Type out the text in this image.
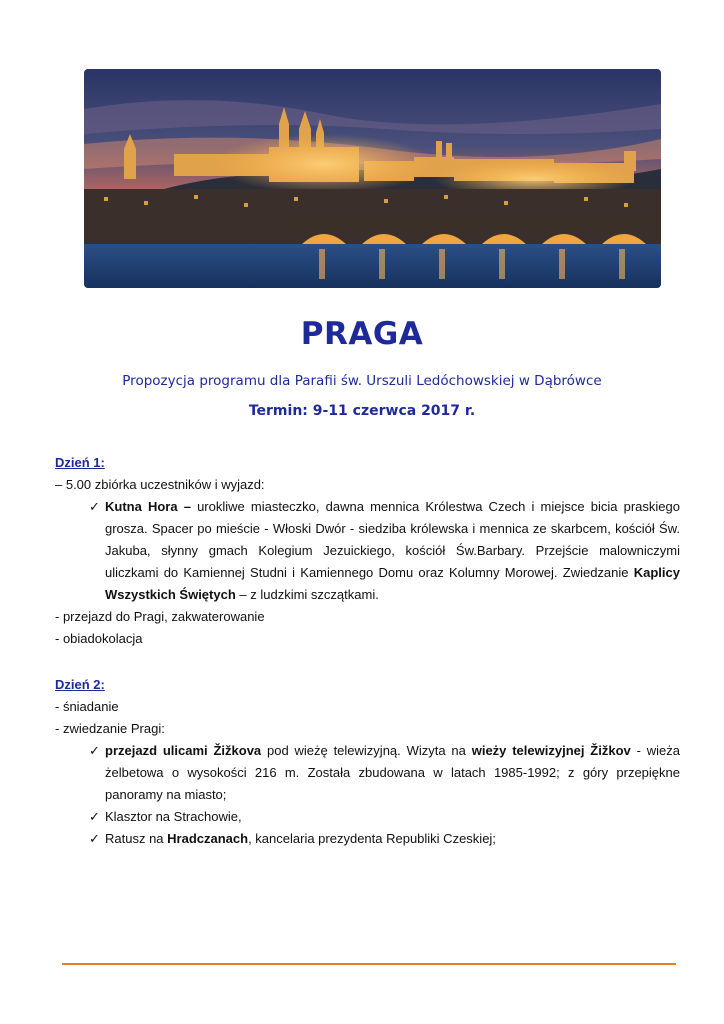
PRAGA
Propozycja programu dla Parafii św. Urszuli Ledóchowskiej w Dąbrówce
Termin: 9-11 czerwca 2017 r.

Dzień 1:

– 5.00 zbiórka uczestników i wyjazd:

✓ Kutna Hora – urokliwe miasteczko, dawna mennica Królestwa Czech i miejsce bicia praskiego grosza. Spacer po mieście - Włoski Dwór - siedziba królewska i mennica ze skarbcem, kościół Św. Jakuba, słynny gmach Kolegium Jezuickiego, kościół Św.Barbary. Przejście malowniczymi uliczkami do Kamiennej Studni i Kamiennego Domu oraz Kolumny Morowej. Zwiedzanie Kaplicy Wszystkich Świętych – z ludzkimi szczątkami.

- przejazd do Pragi, zakwaterowanie

- obiadokolacja

Dzień 2:

- śniadanie

- zwiedzanie Pragi:

✓ przejazd ulicami Žižkova pod wieżę telewizyjną. Wizyta na wieży telewizyjnej Žižkov - wieża żelbetowa o wysokości 216 m. Została zbudowana w latach 1985-1992; z góry przepiękne panoramy na miasto;
✓ Klasztor na Strachowie,
✓ Ratusz na Hradczanach, kancelaria prezydenta Republiki Czeskiej;
